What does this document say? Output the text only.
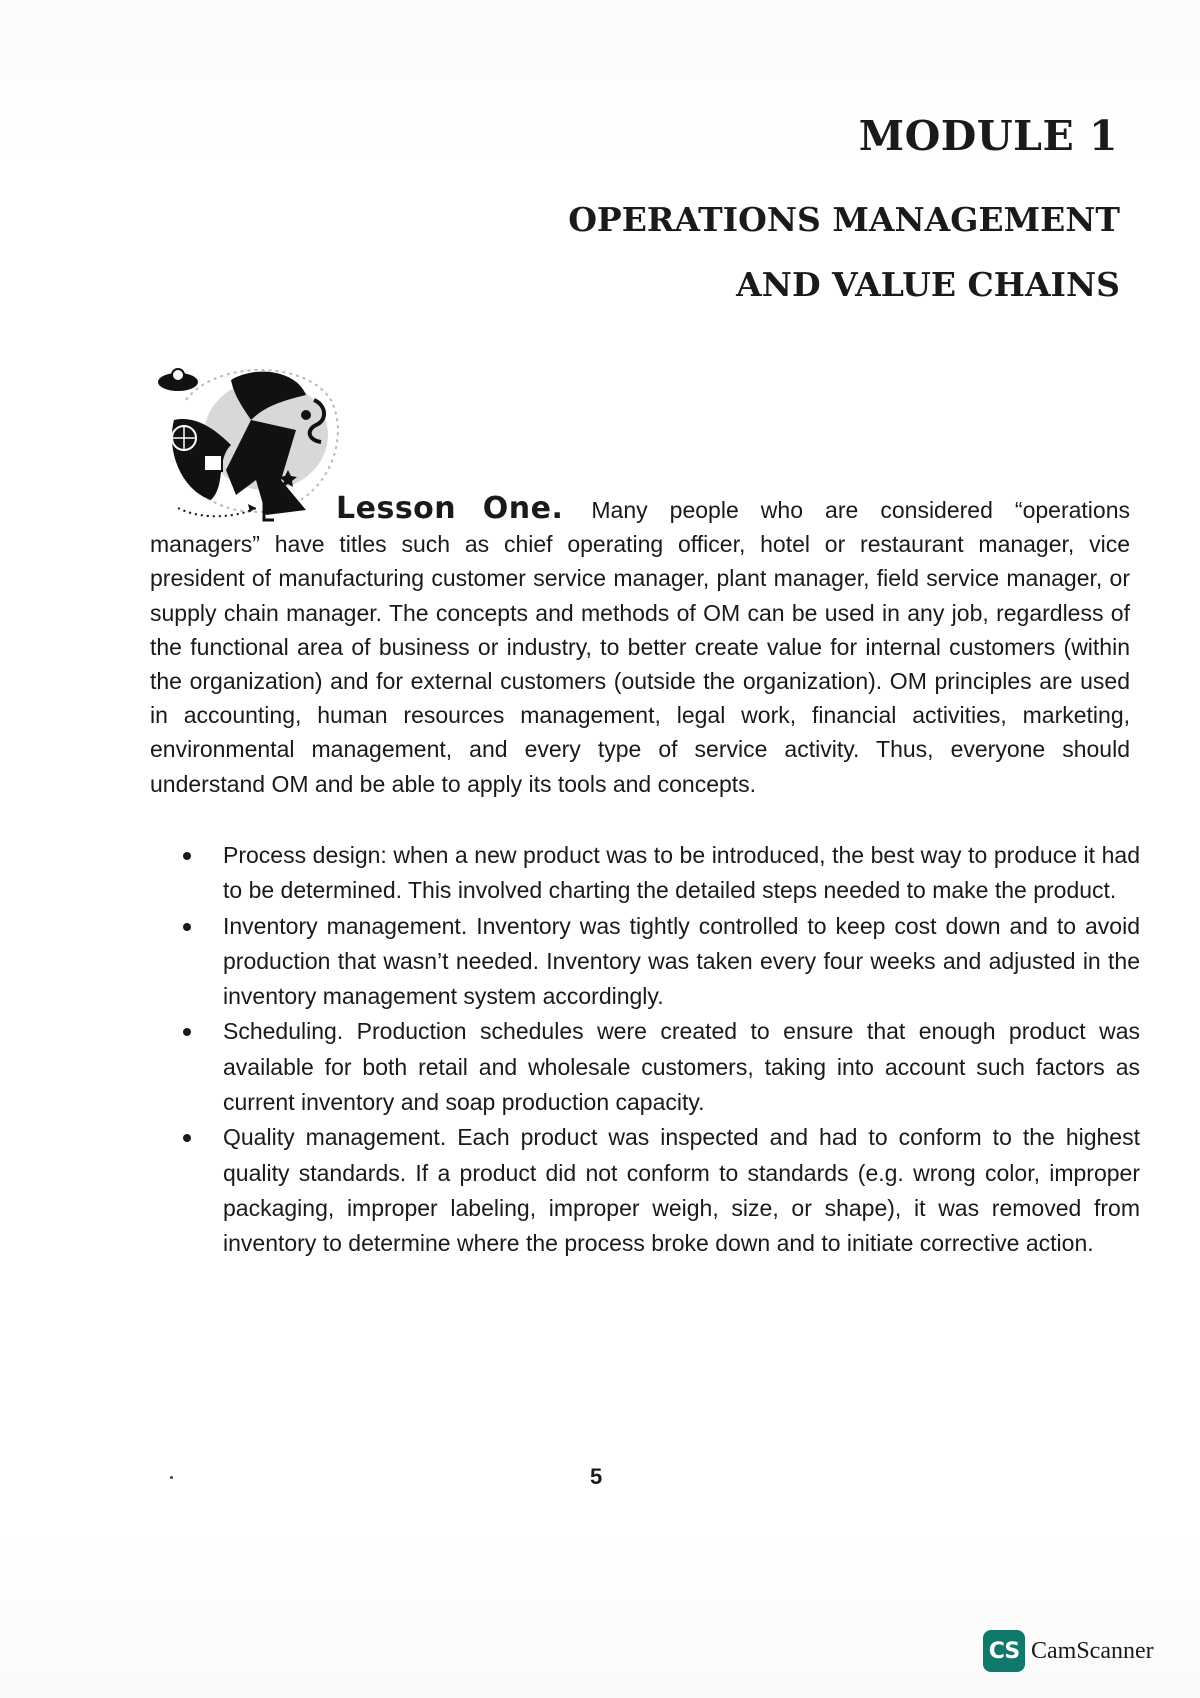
MODULE 1
OPERATIONS MANAGEMENT
AND VALUE CHAINS

Lesson One. Many people who are considered “operations managers” have titles such as chief operating officer, hotel or restaurant manager, vice president of manufacturing customer service manager, plant manager, field service manager, or supply chain manager. The concepts and methods of OM can be used in any job, regardless of the functional area of business or industry, to better create value for internal customers (within the organization) and for external customers (outside the organization). OM principles are used in accounting, human resources management, legal work, financial activities, marketing, environmental management, and every type of service activity. Thus, everyone should understand OM and be able to apply its tools and concepts.

Process design: when a new product was to be introduced, the best way to produce it had to be determined. This involved charting the detailed steps needed to make the product.
Inventory management. Inventory was tightly controlled to keep cost down and to avoid production that wasn’t needed. Inventory was taken every four weeks and adjusted in the inventory management system accordingly.
Scheduling. Production schedules were created to ensure that enough product was available for both retail and wholesale customers, taking into account such factors as current inventory and soap production capacity.
Quality management. Each product was inspected and had to conform to the highest quality standards. If a product did not conform to standards (e.g. wrong color, improper packaging, improper labeling, improper weigh, size, or shape), it was removed from inventory to determine where the process broke down and to initiate corrective action.

5

CS CamScanner
